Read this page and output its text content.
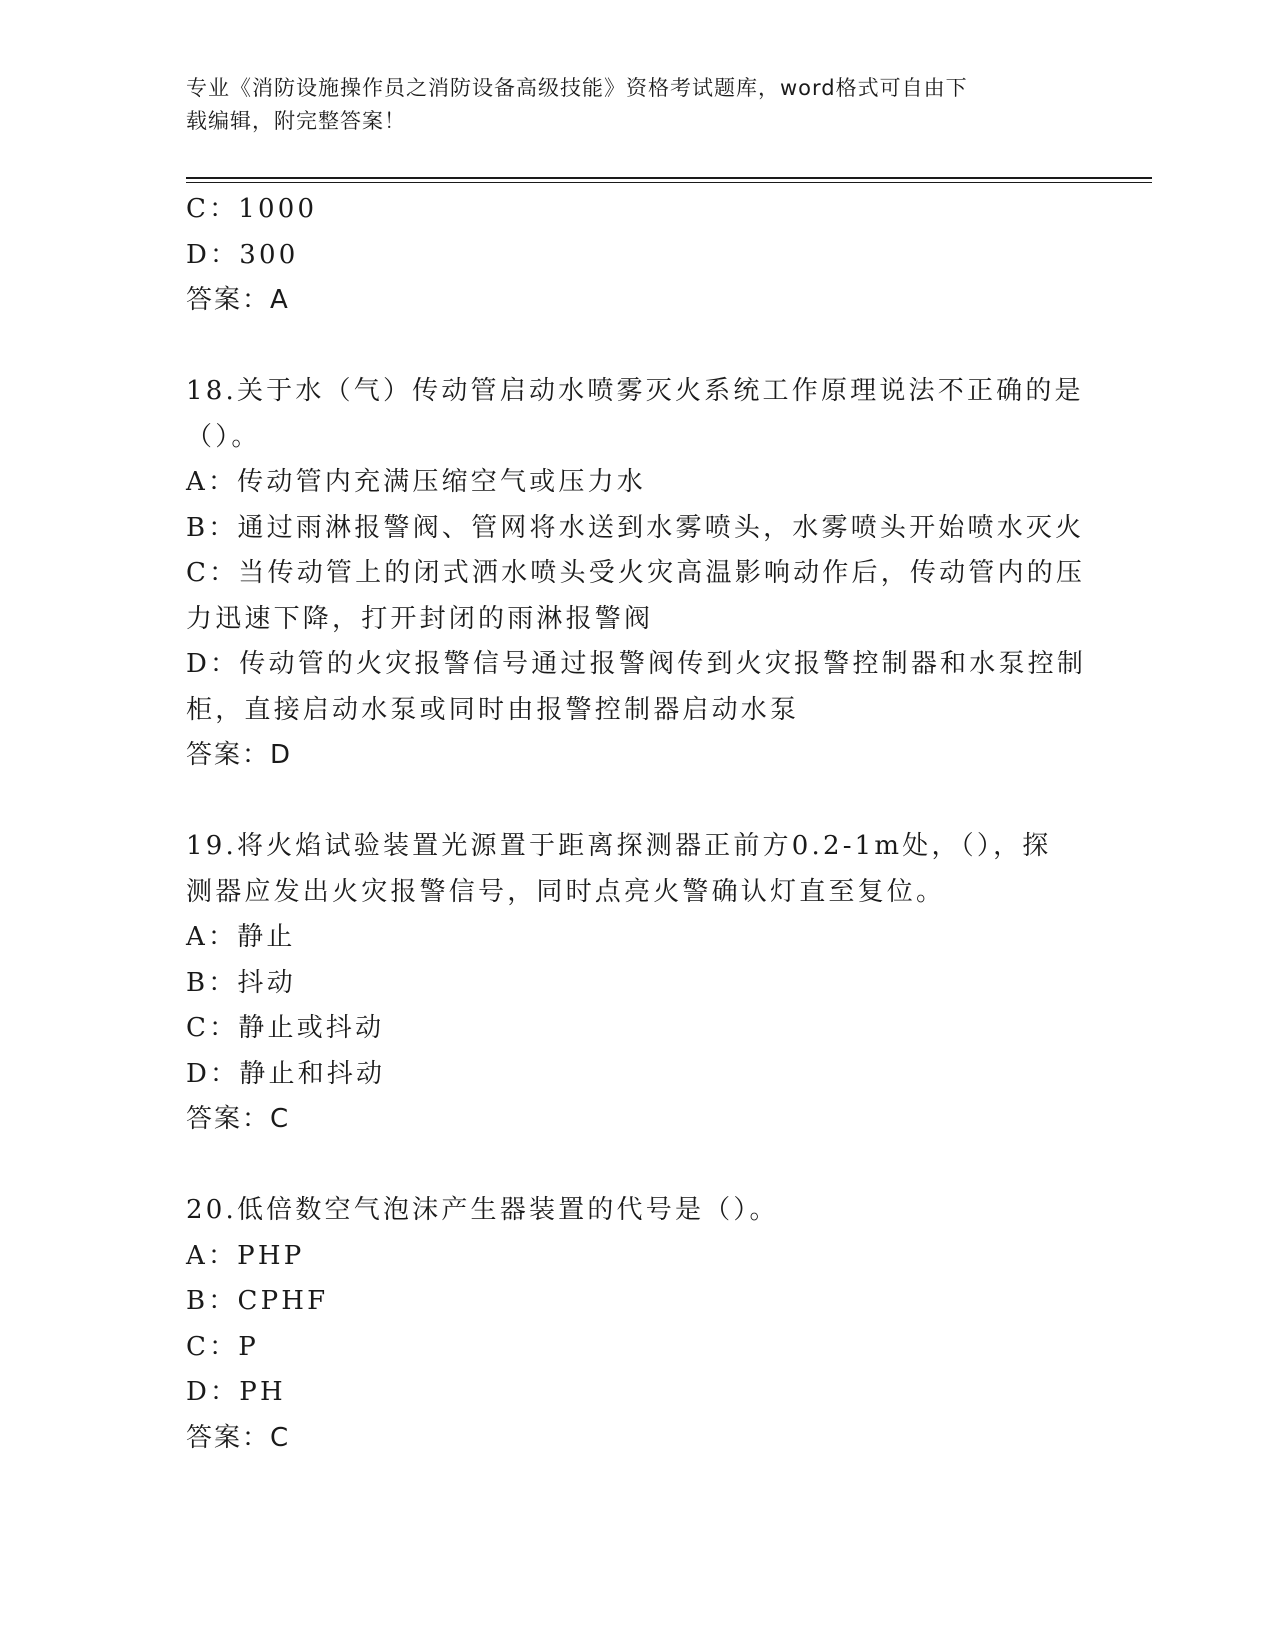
专业《消防设施操作员之消防设备高级技能》资格考试题库，word格式可自由下
载编辑，附完整答案！
C：1000
D：300
答案：A
18.关于水（气）传动管启动水喷雾灭火系统工作原理说法不正确的是
（）。
A：传动管内充满压缩空气或压力水
B：通过雨淋报警阀、管网将水送到水雾喷头，水雾喷头开始喷水灭火
C：当传动管上的闭式洒水喷头受火灾高温影响动作后，传动管内的压
力迅速下降，打开封闭的雨淋报警阀
D：传动管的火灾报警信号通过报警阀传到火灾报警控制器和水泵控制
柜，直接启动水泵或同时由报警控制器启动水泵
答案：D
19.将火焰试验装置光源置于距离探测器正前方0.2-1m处，（），探
测器应发出火灾报警信号，同时点亮火警确认灯直至复位。
A：静止
B：抖动
C：静止或抖动
D：静止和抖动
答案：C
20.低倍数空气泡沫产生器装置的代号是（）。
A：PHP
B：CPHF
C：P
D：PH
答案：C
